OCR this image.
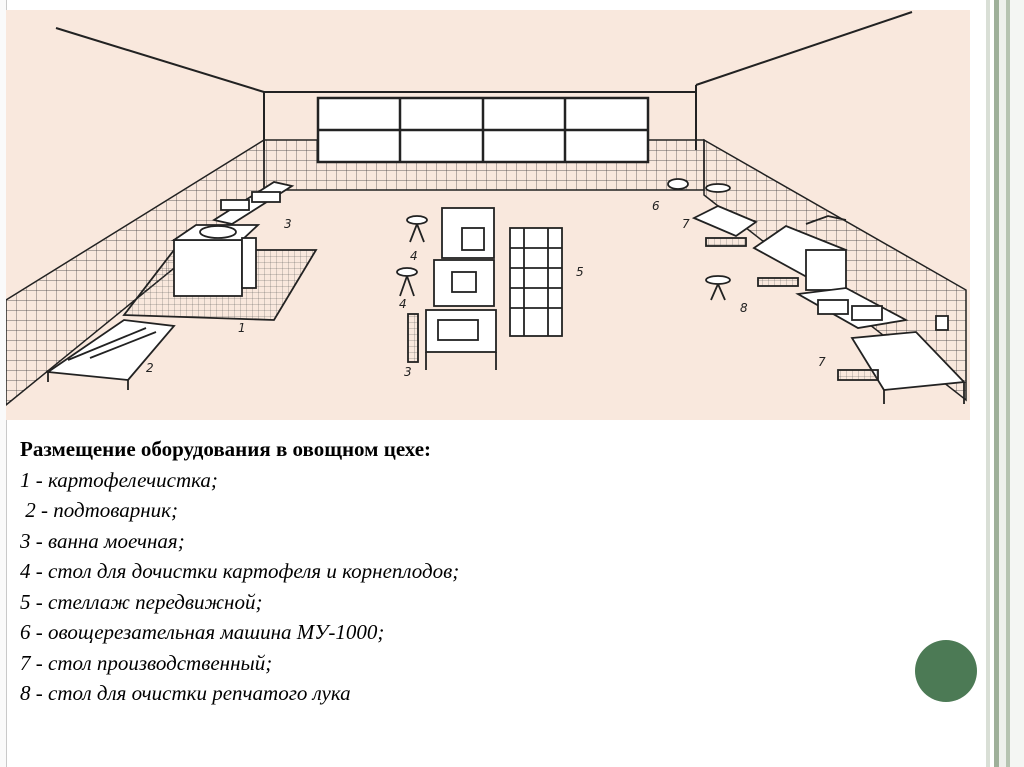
1
2
3
3
4
4
5
6
7
7
8
Размещение оборудования в овощном цехе:
1 - картофелечистка;
2 - подтоварник;
3 - ванна моечная;
4 - стол для дочистки картофеля и корнеплодов;
5 - стеллаж передвижной;
6 - овощерезательная машина МУ-1000;
7 - стол производственный;
8 - стол для очистки репчатого лука
